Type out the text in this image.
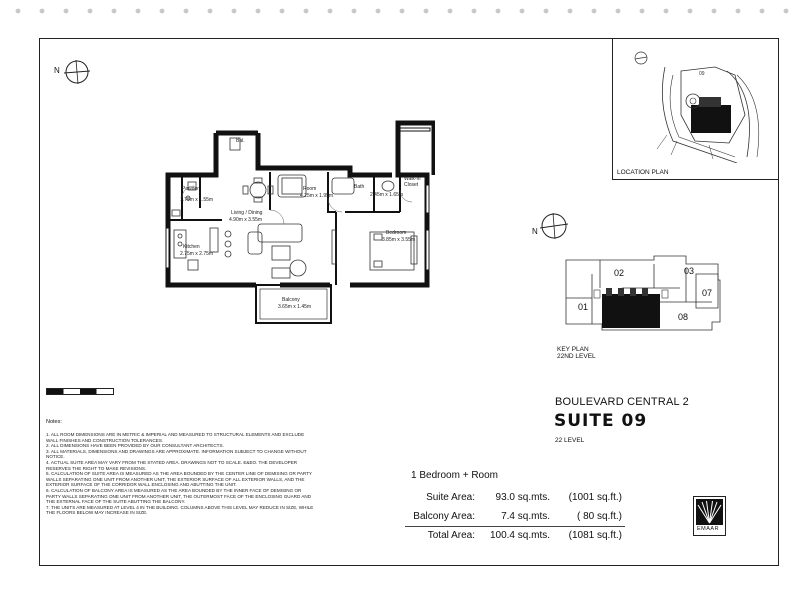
N	09
LOCATION PLAN
Kitchen
2.75m x 2.75m
Living / Dining
4.90m x 3.55m
Room
4.25m x 1.95m
Bedroom
3.85m x 3.55m
Balcony
3.65m x 1.45m
Bath
2.45m x 1.65m
Powder
1.75m x 1.55m
Walk-in Closet
Bal.
N
01
02	03
07
08
KEY PLAN
22ND LEVEL
BOULEVARD CENTRAL 2
SUITE 09
22 LEVEL
Notes:

1. ALL ROOM DIMENSIONS ARE IN METRIC & IMPERIAL AND MEASURED TO STRUCTURAL ELEMENTS AND EXCLUDE WALL FINISHES AND CONSTRUCTION TOLERANCES.

2. ALL DIMENSIONS HAVE BEEN PROVIDED BY OUR CONSULTANT ARCHITECTS.

3. ALL MATERIALS, DIMENSIONS AND DRAWINGS ARE APPROXIMATE. INFORMATION SUBJECT TO CHANGE WITHOUT NOTICE.

4. ACTUAL SUITE AREA MAY VARY FROM THE STATED AREA. DRAWINGS NOT TO SCALE. E&EO. THE DEVELOPER RESERVES THE RIGHT TO MAKE REVISIONS.

5. CALCULATION OF SUITE AREA IS MEASURED AS THE AREA BOUNDED BY THE CENTER LINE OF DEMISING OR PARTY WALLS SEPARATING ONE UNIT FROM ANOTHER UNIT, THE EXTERIOR SURFACE OF ALL EXTERIOR WALLS, AND THE EXTERIOR SURFACE OF THE CORRIDOR WALL ENCLOSING AND ABUTTING THE UNIT.

6. CALCULATION OF BALCONY AREA IS MEASURED AS THE AREA BOUNDED BY THE INNER FACE OF DEMISING OR PARTY WALLS SEPARATING ONE UNIT FROM ANOTHER UNIT, THE OUTERMOST FACE OF THE ENCLOSING GUARD AND THE EXTERNAL FACE OF THE SUITE ABUTTING THE BALCONY.

7. THE UNITS ARE MEASURED AT LEVEL 4 IN THE BUILDING. COLUMNS ABOVE THIS LEVEL MAY REDUCE IN SIZE, WHILE THE FLOORS BELOW MAY INCREASE IN SIZE.

1 Bedroom + Room
Suite Area:	93.0 sq.mts.	(1001 sq.ft.)
Balcony Area:	7.4 sq.mts.	( 80 sq.ft.)
Total Area:	100.4 sq.mts.	(1081 sq.ft.)
EMAAR
